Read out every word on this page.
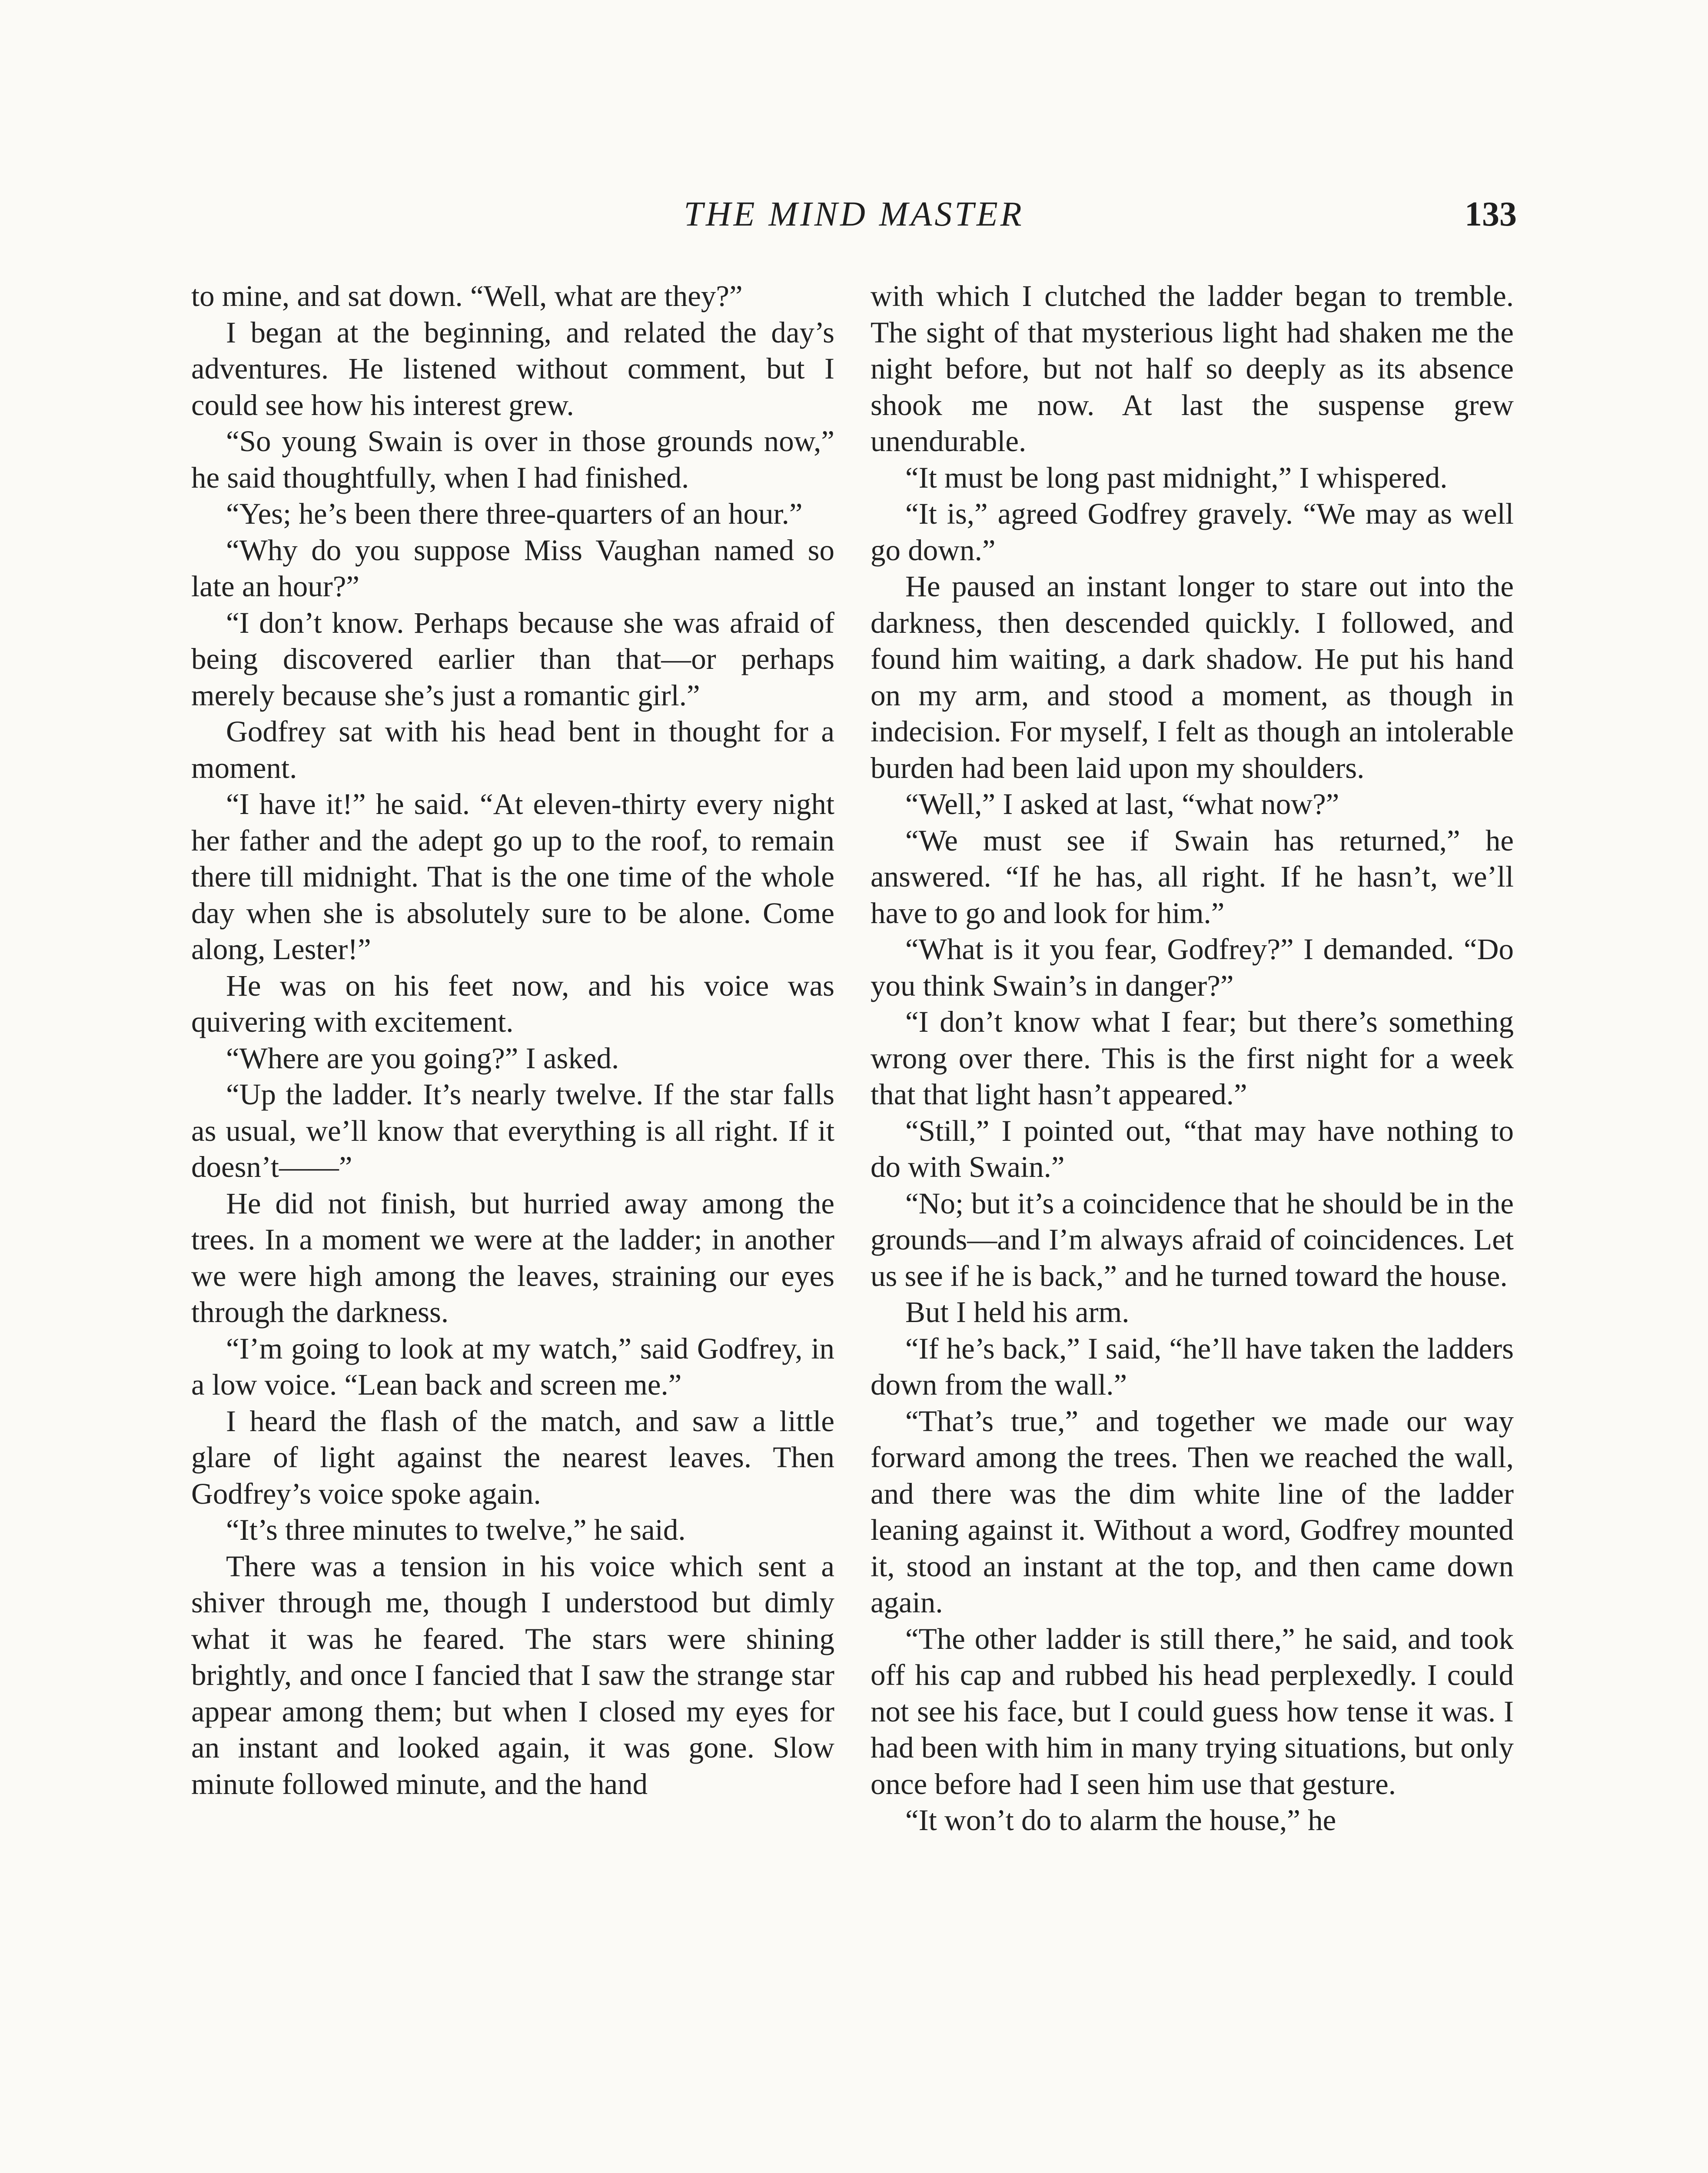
THE MIND MASTER	133

to mine, and sat down. “Well, what are they?”

I began at the beginning, and related the day’s adventures. He listened without comment, but I could see how his interest grew.

“So young Swain is over in those grounds now,” he said thoughtfully, when I had finished.

“Yes; he’s been there three-quarters of an hour.”

“Why do you suppose Miss Vaughan named so late an hour?”

“I don’t know. Perhaps because she was afraid of being discovered earlier than that—or perhaps merely because she’s just a romantic girl.”

Godfrey sat with his head bent in thought for a moment.

“I have it!” he said. “At eleven-thirty every night her father and the adept go up to the roof, to remain there till midnight. That is the one time of the whole day when she is absolutely sure to be alone. Come along, Lester!”

He was on his feet now, and his voice was quivering with excitement.

“Where are you going?” I asked.

“Up the ladder. It’s nearly twelve. If the star falls as usual, we’ll know that everything is all right. If it doesn’t——”

He did not finish, but hurried away among the trees. In a moment we were at the ladder; in another we were high among the leaves, straining our eyes through the darkness.

“I’m going to look at my watch,” said Godfrey, in a low voice. “Lean back and screen me.”

I heard the flash of the match, and saw a little glare of light against the nearest leaves. Then Godfrey’s voice spoke again.

“It’s three minutes to twelve,” he said.

There was a tension in his voice which sent a shiver through me, though I understood but dimly what it was he feared. The stars were shining brightly, and once I fancied that I saw the strange star appear among them; but when I closed my eyes for an instant and looked again, it was gone. Slow minute followed minute, and the hand

with which I clutched the ladder began to tremble. The sight of that mysterious light had shaken me the night before, but not half so deeply as its absence shook me now. At last the suspense grew unendurable.

“It must be long past midnight,” I whispered.

“It is,” agreed Godfrey gravely. “We may as well go down.”

He paused an instant longer to stare out into the darkness, then descended quickly. I followed, and found him waiting, a dark shadow. He put his hand on my arm, and stood a moment, as though in indecision. For myself, I felt as though an intolerable burden had been laid upon my shoulders.

“Well,” I asked at last, “what now?”

“We must see if Swain has returned,” he answered. “If he has, all right. If he hasn’t, we’ll have to go and look for him.”

“What is it you fear, Godfrey?” I demanded. “Do you think Swain’s in danger?”

“I don’t know what I fear; but there’s something wrong over there. This is the first night for a week that that light hasn’t appeared.”

“Still,” I pointed out, “that may have nothing to do with Swain.”

“No; but it’s a coincidence that he should be in the grounds—and I’m always afraid of coincidences. Let us see if he is back,” and he turned toward the house.

But I held his arm.

“If he’s back,” I said, “he’ll have taken the ladders down from the wall.”

“That’s true,” and together we made our way forward among the trees. Then we reached the wall, and there was the dim white line of the ladder leaning against it. Without a word, Godfrey mounted it, stood an instant at the top, and then came down again.

“The other ladder is still there,” he said, and took off his cap and rubbed his head perplexedly. I could not see his face, but I could guess how tense it was. I had been with him in many trying situations, but only once before had I seen him use that gesture.

“It won’t do to alarm the house,” he
